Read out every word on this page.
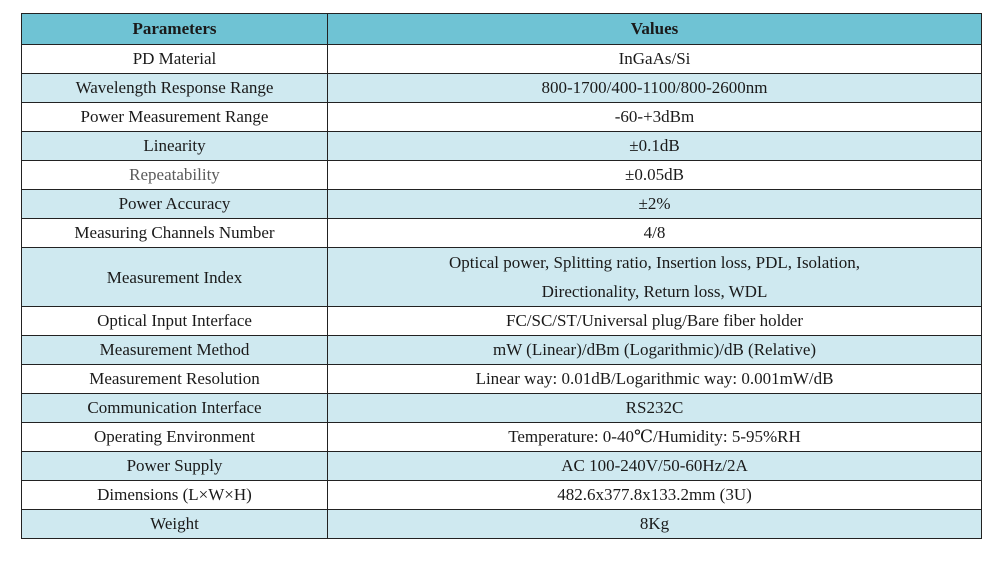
Parameters	Values
PD Material	InGaAs/Si
Wavelength Response Range	800-1700/400-1100/800-2600nm
Power Measurement Range	-60-+3dBm
Linearity	±0.1dB
Repeatability	±0.05dB
Power Accuracy	±2%
Measuring Channels Number	4/8
Measurement Index	Optical power, Splitting ratio, Insertion loss, PDL, Isolation,
Directionality, Return loss, WDL
Optical Input Interface	FC/SC/ST/Universal plug/Bare fiber holder
Measurement Method	mW (Linear)/dBm (Logarithmic)/dB (Relative)
Measurement Resolution	Linear way: 0.01dB/Logarithmic way: 0.001mW/dB
Communication Interface	RS232C
Operating Environment	Temperature: 0-40℃/Humidity: 5-95%RH
Power Supply	AC 100-240V/50-60Hz/2A
Dimensions (L×W×H)	482.6x377.8x133.2mm (3U)
Weight	8Kg
